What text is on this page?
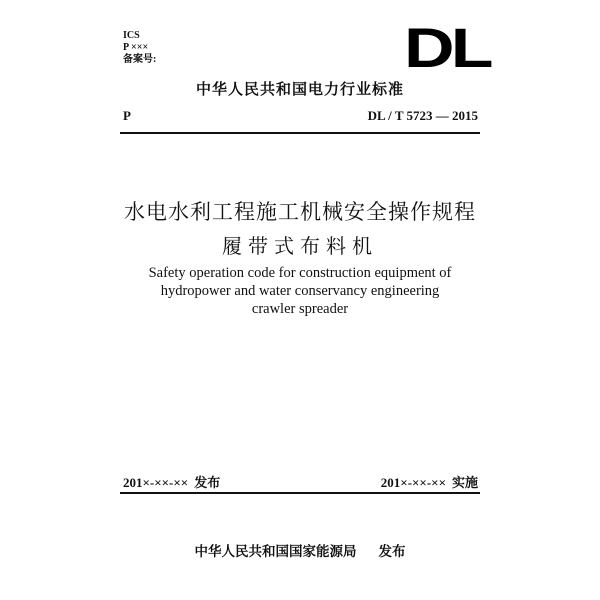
ICS
P ×××
备案号:	DL
中华人民共和国电力行业标准
P	DL / T 5723 — 2015
水电水利工程施工机械安全操作规程
履带式布料机
Safety operation code for construction equipment of
hydropower and water conservancy engineering
crawler spreader
201×-××-×× 发布	201×-××-×× 实施
中华人民共和国国家能源局 发布
